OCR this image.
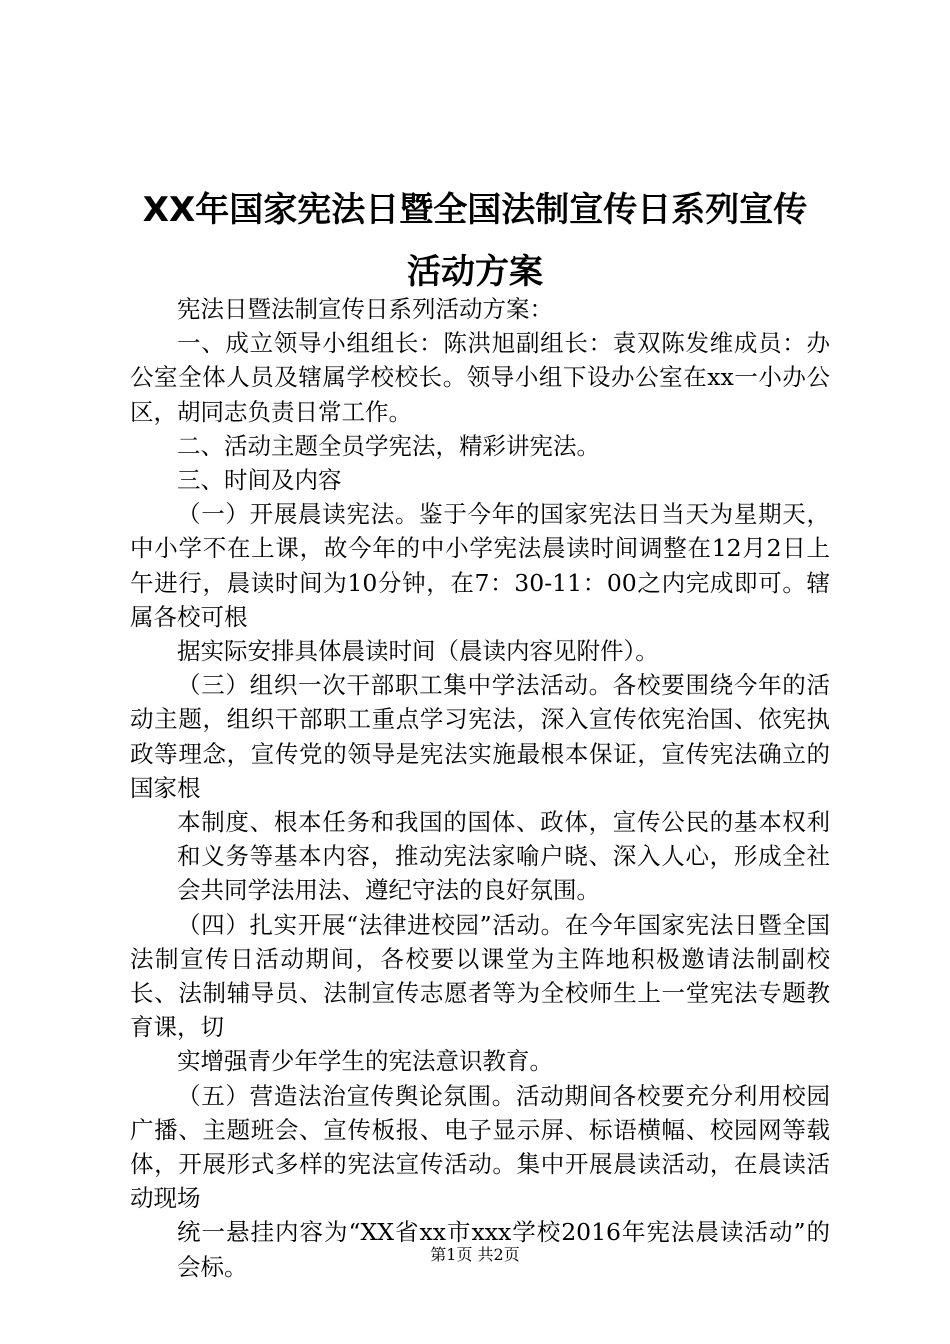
XX年国家宪法日暨全国法制宣传日系列宣传
活动方案

宪法日暨法制宣传日系列活动方案：

一、成立领导小组组长：陈洪旭副组长：袁双陈发维成员：办公室全体人员及辖属学校校长。领导小组下设办公室在xx一小办公区，胡同志负责日常工作。

二、活动主题全员学宪法，精彩讲宪法。

三、时间及内容

（一）开展晨读宪法。鉴于今年的国家宪法日当天为星期天，中小学不在上课，故今年的中小学宪法晨读时间调整在12月2日上午进行，晨读时间为10分钟，在7：30-11：00之内完成即可。辖属各校可根

据实际安排具体晨读时间（晨读内容见附件）。

（三）组织一次干部职工集中学法活动。各校要围绕今年的活动主题，组织干部职工重点学习宪法，深入宣传依宪治国、依宪执政等理念，宣传党的领导是宪法实施最根本保证，宣传宪法确立的国家根

本制度、根本任务和我国的国体、政体，宣传公民的基本权利和义务等基本内容，推动宪法家喻户晓、深入人心，形成全社会共同学法用法、遵纪守法的良好氛围。

（四）扎实开展“法律进校园”活动。在今年国家宪法日暨全国法制宣传日活动期间，各校要以课堂为主阵地积极邀请法制副校长、法制辅导员、法制宣传志愿者等为全校师生上一堂宪法专题教育课，切

实增强青少年学生的宪法意识教育。

（五）营造法治宣传舆论氛围。活动期间各校要充分利用校园广播、主题班会、宣传板报、电子显示屏、标语横幅、校园网等载体，开展形式多样的宪法宣传活动。集中开展晨读活动，在晨读活动现场

统一悬挂内容为“XX省xx市xxx学校2016年宪法晨读活动”的会标。	第1页 共2页
